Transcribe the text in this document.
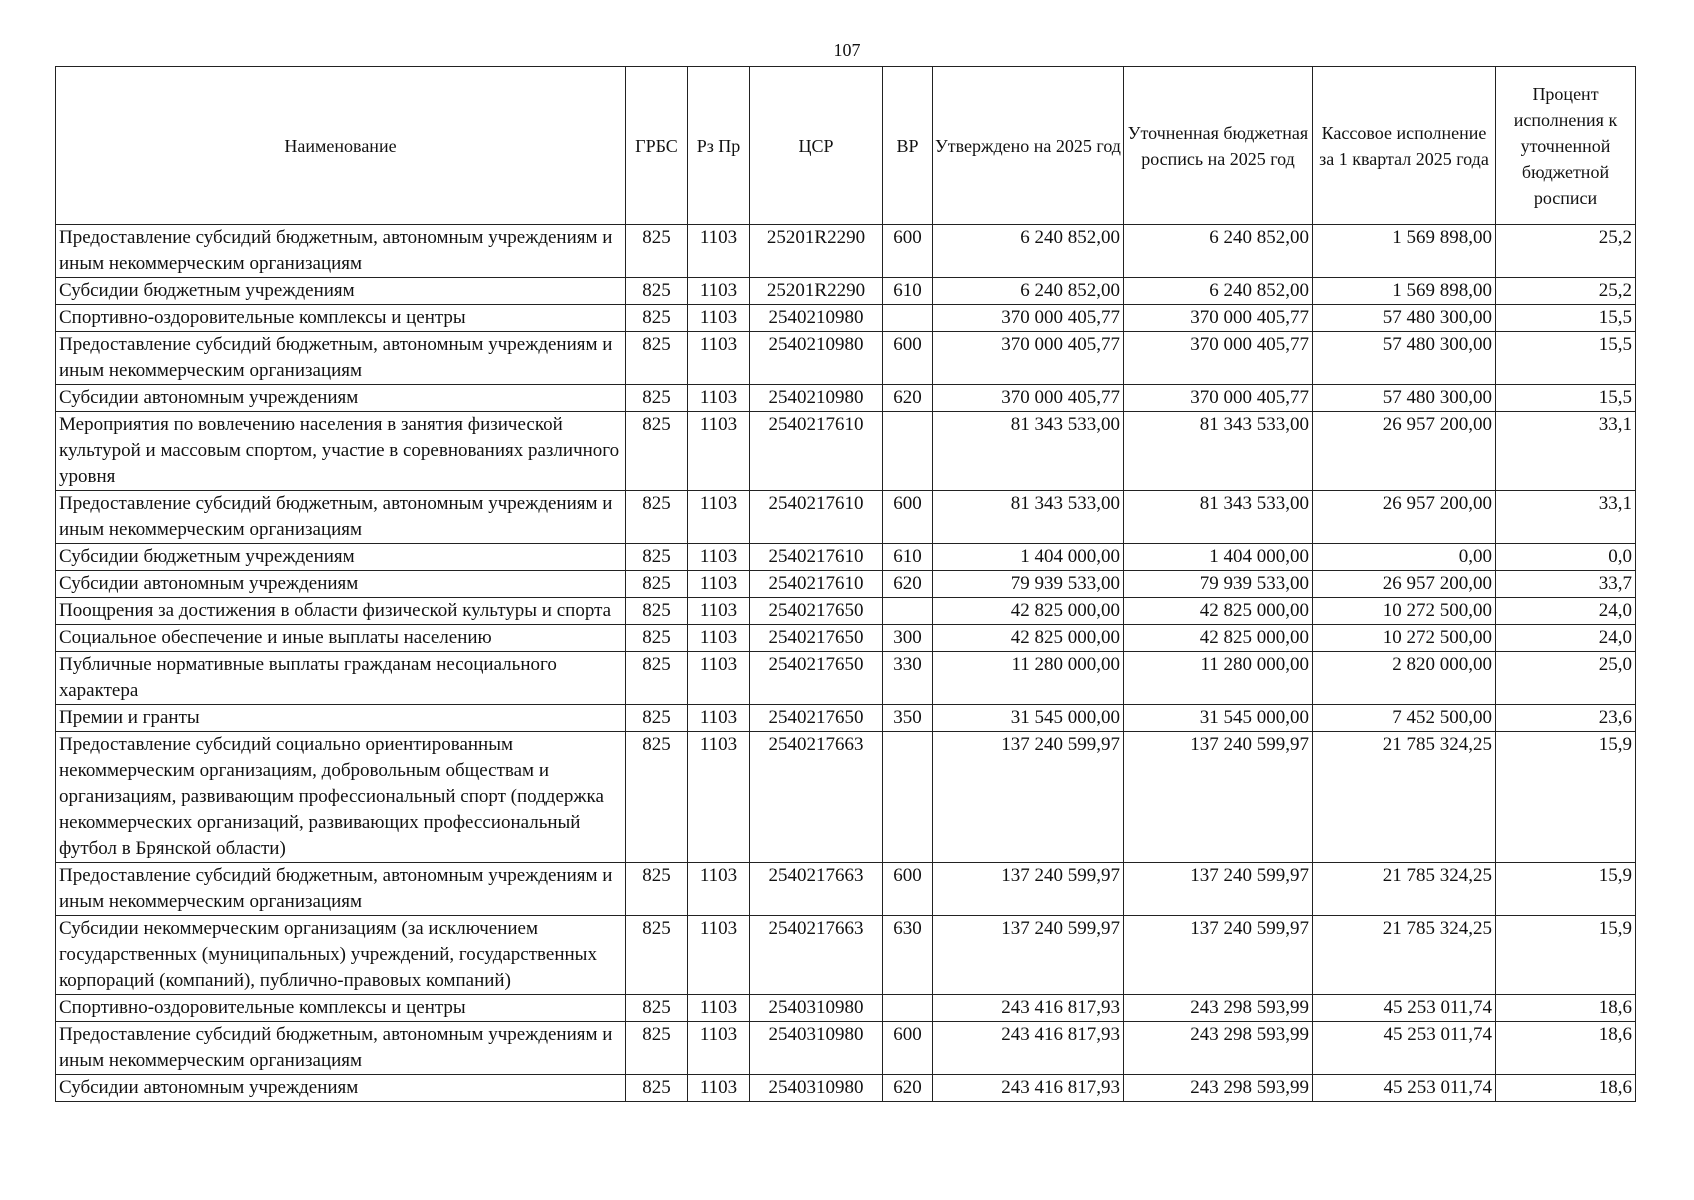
107
Наименование	ГРБС	Рз Пр	ЦСР	ВР	Утверждено на 2025 год	Уточненная бюджетная роспись на 2025 год	Кассовое исполнение за 1 квартал 2025 года	Процент исполнения к уточненной бюджетной росписи
Предоставление субсидий бюджетным, автономным учреждениям и иным некоммерческим организациям	825	1103	25201R2290	600	6 240 852,00	6 240 852,00	1 569 898,00	25,2
Субсидии бюджетным учреждениям	825	1103	25201R2290	610	6 240 852,00	6 240 852,00	1 569 898,00	25,2
Спортивно-оздоровительные комплексы и центры	825	1103	2540210980		370 000 405,77	370 000 405,77	57 480 300,00	15,5
Предоставление субсидий бюджетным, автономным учреждениям и иным некоммерческим организациям	825	1103	2540210980	600	370 000 405,77	370 000 405,77	57 480 300,00	15,5
Субсидии автономным учреждениям	825	1103	2540210980	620	370 000 405,77	370 000 405,77	57 480 300,00	15,5
Мероприятия по вовлечению населения в занятия физической культурой и массовым спортом, участие в соревнованиях различного уровня	825	1103	2540217610		81 343 533,00	81 343 533,00	26 957 200,00	33,1
Предоставление субсидий бюджетным, автономным учреждениям и иным некоммерческим организациям	825	1103	2540217610	600	81 343 533,00	81 343 533,00	26 957 200,00	33,1
Субсидии бюджетным учреждениям	825	1103	2540217610	610	1 404 000,00	1 404 000,00	0,00	0,0
Субсидии автономным учреждениям	825	1103	2540217610	620	79 939 533,00	79 939 533,00	26 957 200,00	33,7
Поощрения за достижения в области физической культуры и спорта	825	1103	2540217650		42 825 000,00	42 825 000,00	10 272 500,00	24,0
Социальное обеспечение и иные выплаты населению	825	1103	2540217650	300	42 825 000,00	42 825 000,00	10 272 500,00	24,0
Публичные нормативные выплаты гражданам несоциального характера	825	1103	2540217650	330	11 280 000,00	11 280 000,00	2 820 000,00	25,0
Премии и гранты	825	1103	2540217650	350	31 545 000,00	31 545 000,00	7 452 500,00	23,6
Предоставление субсидий социально ориентированным некоммерческим организациям, добровольным обществам и организациям, развивающим профессиональный спорт (поддержка некоммерческих организаций, развивающих профессиональный футбол в Брянской области)	825	1103	2540217663		137 240 599,97	137 240 599,97	21 785 324,25	15,9
Предоставление субсидий бюджетным, автономным учреждениям и иным некоммерческим организациям	825	1103	2540217663	600	137 240 599,97	137 240 599,97	21 785 324,25	15,9
Субсидии некоммерческим организациям (за исключением государственных (муниципальных) учреждений, государственных корпораций (компаний), публично-правовых компаний)	825	1103	2540217663	630	137 240 599,97	137 240 599,97	21 785 324,25	15,9
Спортивно-оздоровительные комплексы и центры	825	1103	2540310980		243 416 817,93	243 298 593,99	45 253 011,74	18,6
Предоставление субсидий бюджетным, автономным учреждениям и иным некоммерческим организациям	825	1103	2540310980	600	243 416 817,93	243 298 593,99	45 253 011,74	18,6
Субсидии автономным учреждениям	825	1103	2540310980	620	243 416 817,93	243 298 593,99	45 253 011,74	18,6
